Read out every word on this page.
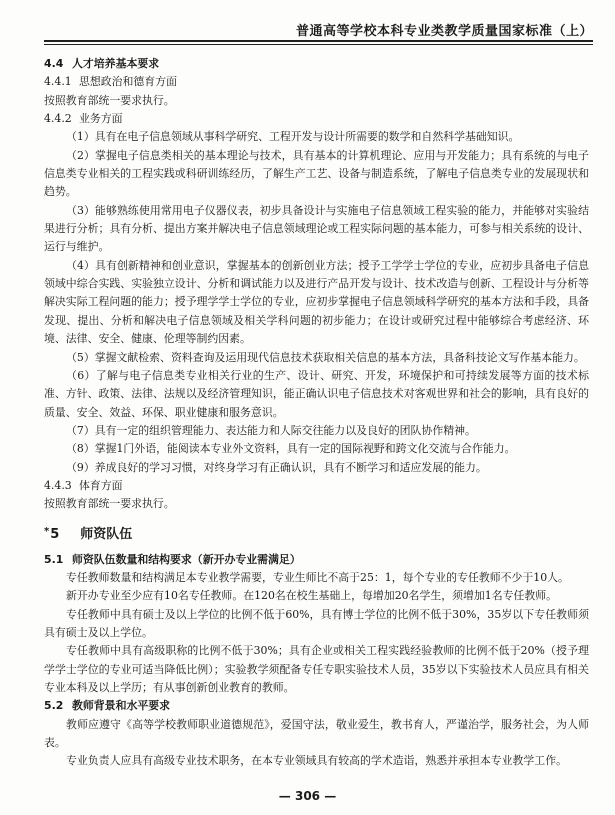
普通高等学校本科专业类教学质量国家标准（上）

4.4 人才培养基本要求

4.4.1 思想政治和德育方面

按照教育部统一要求执行。

4.4.2 业务方面

（1）具有在电子信息领域从事科学研究、工程开发与设计所需要的数学和自然科学基础知识。

（2）掌握电子信息类相关的基本理论与技术，具有基本的计算机理论、应用与开发能力；具有系统的与电子信息类专业相关的工程实践或科研训练经历，了解生产工艺、设备与制造系统，了解电子信息类专业的发展现状和趋势。

（3）能够熟练使用常用电子仪器仪表，初步具备设计与实施电子信息领域工程实验的能力，并能够对实验结果进行分析；具有分析、提出方案并解决电子信息领域理论或工程实际问题的基本能力，可参与相关系统的设计、运行与维护。

（4）具有创新精神和创业意识，掌握基本的创新创业方法；授予工学学士学位的专业，应初步具备电子信息领域中综合实践、实验独立设计、分析和调试能力以及进行产品开发与设计、技术改造与创新、工程设计与分析等解决实际工程问题的能力；授予理学学士学位的专业，应初步掌握电子信息领域科学研究的基本方法和手段，具备发现、提出、分析和解决电子信息领域及相关学科问题的初步能力；在设计或研究过程中能够综合考虑经济、环境、法律、安全、健康、伦理等制约因素。

（5）掌握文献检索、资料查询及运用现代信息技术获取相关信息的基本方法，具备科技论文写作基本能力。

（6）了解与电子信息类专业相关行业的生产、设计、研究、开发，环境保护和可持续发展等方面的技术标准、方针、政策、法律、法规以及经济管理知识，能正确认识电子信息技术对客观世界和社会的影响，具有良好的质量、安全、效益、环保、职业健康和服务意识。

（7）具有一定的组织管理能力、表达能力和人际交往能力以及良好的团队协作精神。

（8）掌握1门外语，能阅读本专业外文资料，具有一定的国际视野和跨文化交流与合作能力。

（9）养成良好的学习习惯，对终身学习有正确认识，具有不断学习和适应发展的能力。

4.4.3 体育方面

按照教育部统一要求执行。

*5 师资队伍

5.1 师资队伍数量和结构要求（新开办专业需满足）

专任教师数量和结构满足本专业教学需要，专业生师比不高于25：1，每个专业的专任教师不少于10人。

新开办专业至少应有10名专任教师。在120名在校生基础上，每增加20名学生，须增加1名专任教师。

专任教师中具有硕士及以上学位的比例不低于60%，具有博士学位的比例不低于30%，35岁以下专任教师须具有硕士及以上学位。

专任教师中具有高级职称的比例不低于30%；具有企业或相关工程实践经验教师的比例不低于20%（授予理学学士学位的专业可适当降低比例）；实验教学须配备专任专职实验技术人员，35岁以下实验技术人员应具有相关专业本科及以上学历；有从事创新创业教育的教师。

5.2 教师背景和水平要求

教师应遵守《高等学校教师职业道德规范》，爱国守法，敬业爱生，教书育人，严谨治学，服务社会，为人师表。

专业负责人应具有高级专业技术职务，在本专业领域具有较高的学术造诣，熟悉并承担本专业教学工作。

— 306 —
